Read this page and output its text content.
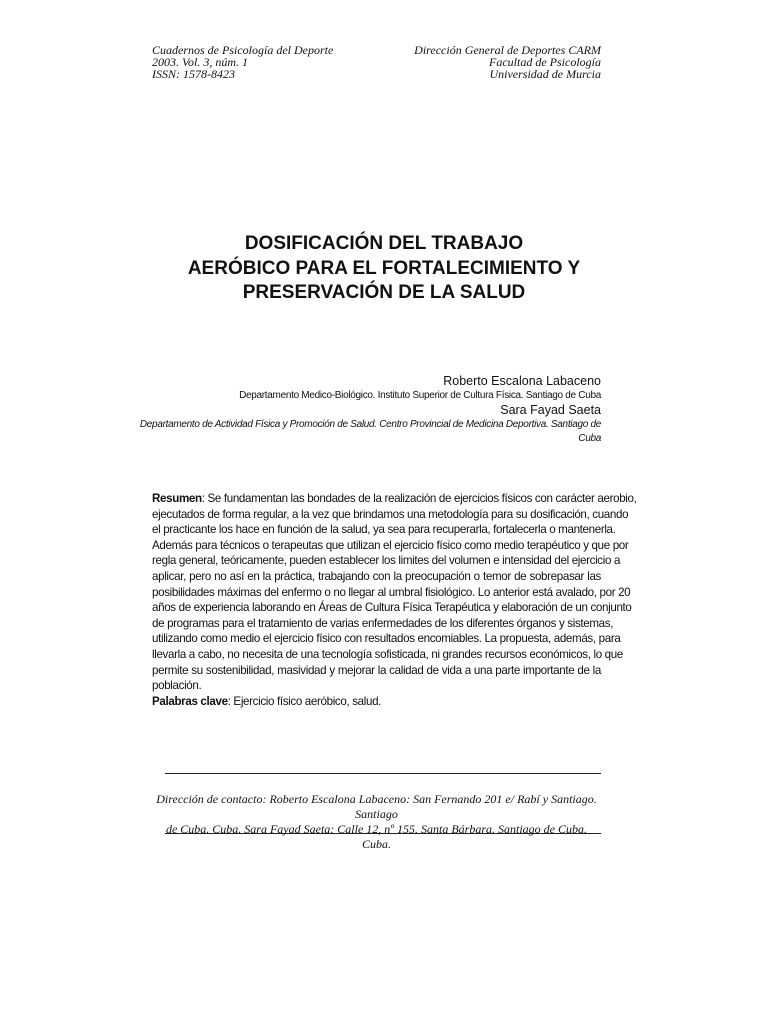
Cuadernos de Psicología del Deporte
2003. Vol. 3, núm. 1
ISSN: 1578-8423
Dirección General de Deportes CARM
Facultad de Psicología
Universidad de Murcia
DOSIFICACIÓN DEL TRABAJO
AERÓBICO PARA EL FORTALECIMIENTO Y
PRESERVACIÓN DE LA SALUD
Roberto Escalona Labaceno
Departamento Medico-Biológico. Instituto Superior de Cultura Física. Santiago de Cuba
Sara Fayad Saeta
Departamento de Actividad Física y Promoción de Salud. Centro Provincial de Medicina Deportiva. Santiago de
Cuba
Resumen: Se fundamentan las bondades de la realización de ejercicios físicos con carácter aerobio,
ejecutados de forma regular, a la vez que brindamos una metodología para su dosificación, cuando
el practicante los hace en función de la salud, ya sea para recuperarla, fortalecerla o mantenerla.
Además para técnicos o terapeutas que utilizan el ejercicio físico como medio terapéutico y que por
regla general, teóricamente, pueden establecer los limites del volumen e intensidad del ejercicio a
aplicar, pero no así en la práctica, trabajando con la preocupación o temor de sobrepasar las
posibilidades máximas del enfermo o no llegar al umbral fisiológico. Lo anterior está avalado, por 20
años de experiencia laborando en Áreas de Cultura Física Terapéutica y elaboración de un conjunto
de programas para el tratamiento de varias enfermedades de los diferentes órganos y sistemas,
utilizando como medio el ejercicio físico con resultados encomiables. La propuesta, además, para
llevarla a cabo, no necesita de una tecnología sofisticada, ni grandes recursos económicos, lo que
permite su sostenibilidad, masividad y mejorar la calidad de vida a una parte importante de la
población.
Palabras clave: Ejercicio físico aeróbico, salud.
Dirección de contacto: Roberto Escalona Labaceno: San Fernando 201 e/ Rabí y Santiago. Santiago
de Cuba. Cuba. Sara Fayad Saeta: Calle 12, nº 155. Santa Bárbara. Santiago de Cuba. Cuba.
